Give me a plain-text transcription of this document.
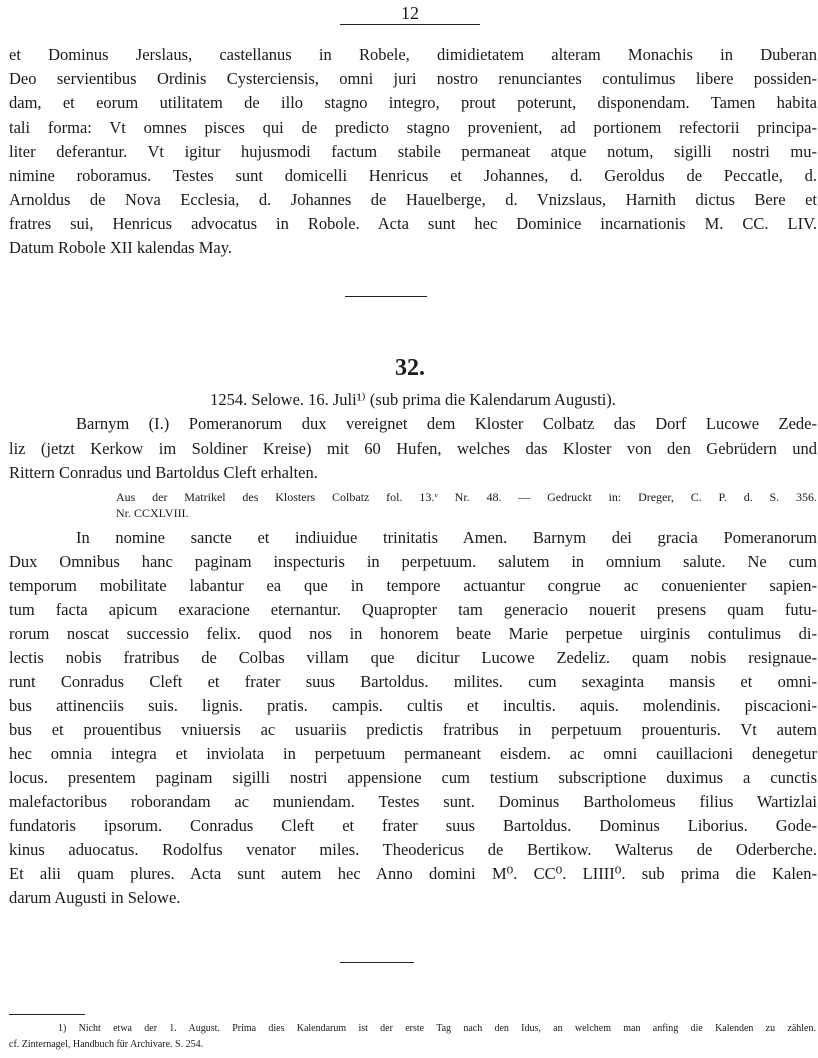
12
et Dominus Jerslaus, castellanus in Robele, dimidietatem alteram Monachis in Duberan
Deo servientibus Ordinis Cysterciensis, omni juri nostro renunciantes contulimus libere possiden-
dam, et eorum utilitatem de illo stagno integro, prout poterunt, disponendam. Tamen habita
tali forma: Vt omnes pisces qui de predicto stagno provenient, ad portionem refectorii principa-
liter deferantur. Vt igitur hujusmodi factum stabile permaneat atque notum, sigilli nostri mu-
nimine roboramus. Testes sunt domicelli Henricus et Johannes, d. Geroldus de Peccatle, d.
Arnoldus de Nova Ecclesia, d. Johannes de Hauelberge, d. Vnizslaus, Harnith dictus Bere et
fratres sui, Henricus advocatus in Robole. Acta sunt hec Dominice incarnationis M. CC. LIV.
Datum Robole XII kalendas May.
32.
1254. Selowe. 16. Juli¹⁾ (sub prima die Kalendarum Augusti).
Barnym (I.) Pomeranorum dux vereignet dem Kloster Colbatz das Dorf Lucowe Zede-
liz (jetzt Kerkow im Soldiner Kreise) mit 60 Hufen, welches das Kloster von den Gebrüdern und
Rittern Conradus und Bartoldus Cleft erhalten.
Aus der Matrikel des Klosters Colbatz fol. 13.ᵛ Nr. 48. — Gedruckt in: Dreger, C. P. d. S. 356.
Nr. CCXLVIII.
In nomine sancte et indiuidue trinitatis Amen. Barnym dei gracia Pomeranorum
Dux Omnibus hanc paginam inspecturis in perpetuum. salutem in omnium salute. Ne cum
temporum mobilitate labantur ea que in tempore actuantur congrue ac conuenienter sapien-
tum facta apicum exaracione eternantur. Quapropter tam generacio nouerit presens quam futu-
rorum noscat successio felix. quod nos in honorem beate Marie perpetue uirginis contulimus di-
lectis nobis fratribus de Colbas villam que dicitur Lucowe Zedeliz. quam nobis resignaue-
runt Conradus Cleft et frater suus Bartoldus. milites. cum sexaginta mansis et omni-
bus attinenciis suis. lignis. pratis. campis. cultis et incultis. aquis. molendinis. piscacioni-
bus et prouentibus vniuersis ac usuariis predictis fratribus in perpetuum prouenturis. Vt autem
hec omnia integra et inviolata in perpetuum permaneant eisdem. ac omni cauillacioni denegetur
locus. presentem paginam sigilli nostri appensione cum testium subscriptione duximus a cunctis
malefactoribus roborandam ac muniendam. Testes sunt. Dominus Bartholomeus filius Wartizlai
fundatoris ipsorum. Conradus Cleft et frater suus Bartoldus. Dominus Liborius. Gode-
kinus aduocatus. Rodolfus venator miles. Theodericus de Bertikow. Walterus de Oderberche.
Et alii quam plures. Acta sunt autem hec Anno domini M⁰. CC⁰. LIIII⁰. sub prima die Kalen-
darum Augusti in Selowe.
1) Nicht etwa der 1. August. Prima dies Kalendarum ist der erste Tag nach den Idus, an welchem man anfing die Kalenden zu zählen.
cf. Zinternagel, Handbuch für Archivare. S. 254.
